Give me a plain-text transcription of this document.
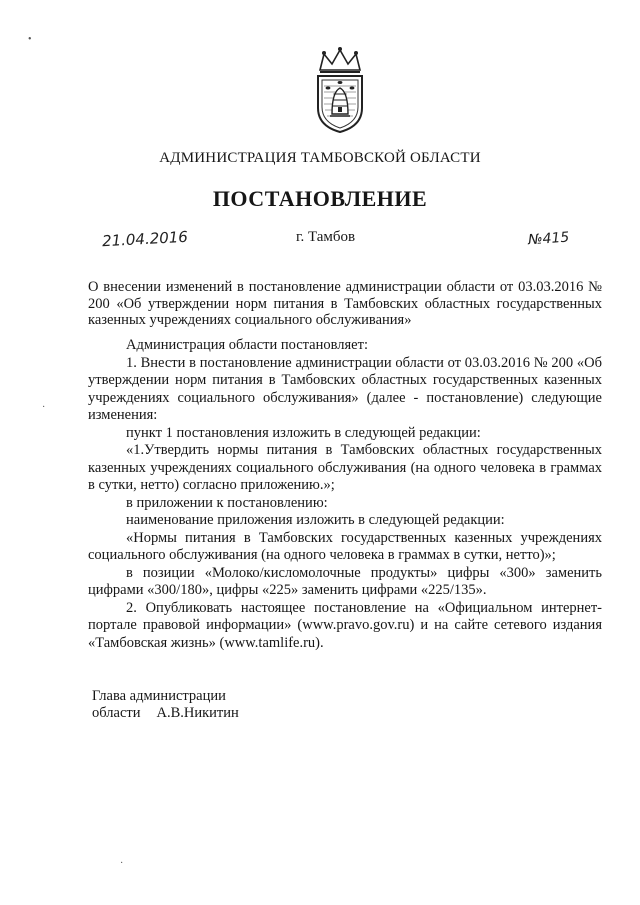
АДМИНИСТРАЦИЯ ТАМБОВСКОЙ ОБЛАСТИ
ПОСТАНОВЛЕНИЕ
21.04.2016	г. Тамбов	№415
О внесении изменений в постановление администрации области от 03.03.2016 № 200 «Об утверждении норм питания в Тамбовских областных государственных казенных учреждениях социального обслуживания»

Администрация области постановляет:

1. Внести в постановление администрации области от 03.03.2016 № 200 «Об утверждении норм питания в Тамбовских областных государственных казенных учреждениях социального обслуживания» (далее - постановление) следующие изменения:

пункт 1 постановления изложить в следующей редакции:

«1.Утвердить нормы питания в Тамбовских областных государственных казенных учреждениях социального обслуживания (на одного человека в граммах в сутки, нетто) согласно приложению.»;

в приложении к постановлению:

наименование приложения изложить в следующей редакции:

«Нормы питания в Тамбовских государственных казенных учреждениях социального обслуживания (на одного человека в граммах в сутки, нетто)»;

в позиции «Молоко/кисломолочные продукты» цифры «300» заменить цифрами «300/180», цифры «225» заменить цифрами «225/135».

2. Опубликовать настоящее постановление на «Официальном интернет-портале правовой информации» (www.pravo.gov.ru) и на сайте сетевого издания «Тамбовская жизнь» (www.tamlife.ru).

Глава администрации
области А.В.Никитин
•
·
·
